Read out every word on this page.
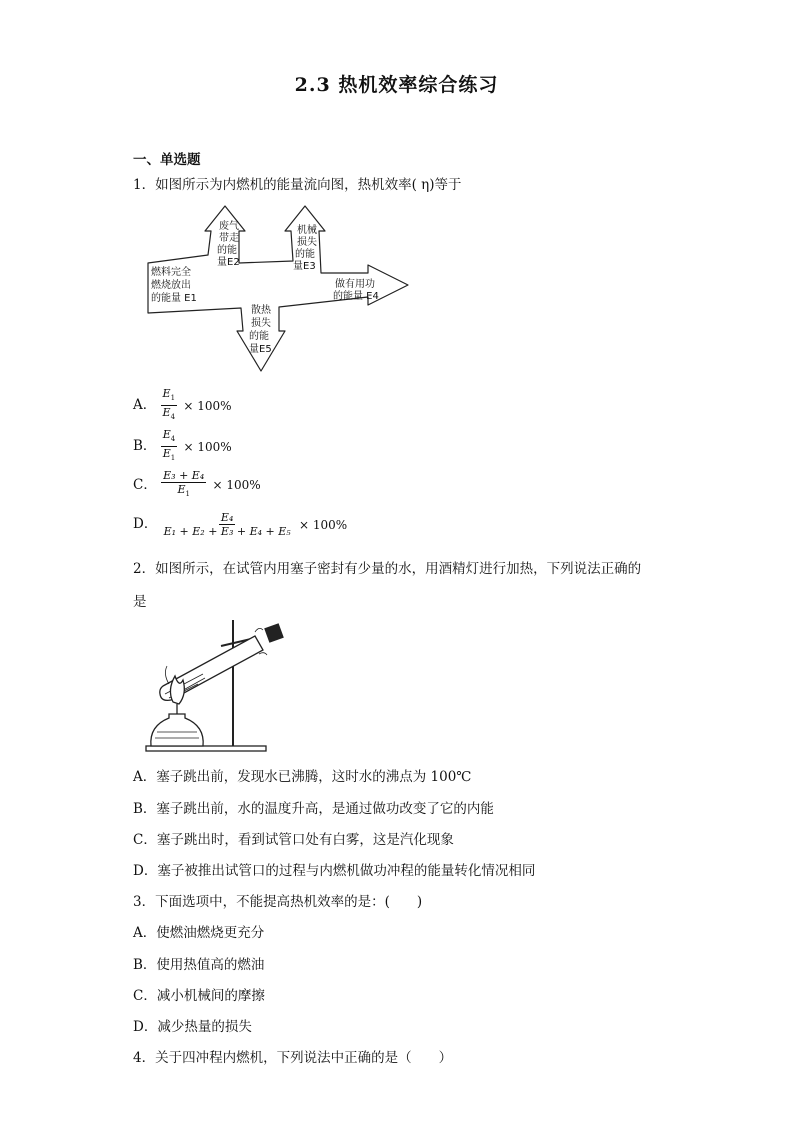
2.3 热机效率综合练习
一、单选题
1．如图所示为内燃机的能量流向图，热机效率( η)等于
燃料完全
燃烧放出
的能量 E1
废气
带走
的能
量E2
机械
损失
的能
量E3
做有用功
的能量 E4
散热
损失
的能
量E5
A． $\frac{E_1}{E_4} \times 100\%$
B． $\frac{E_4}{E_1} \times 100\%$
C． $\frac{\text{E₃ + E₄}}{E_1} \times 100\%$
D． $\frac{\text{E₄}}{\text{E₁ + E₂ + E₃ + E₄ + E₅}} \times 100\%$
2．如图所示，在试管内用塞子密封有少量的水，用酒精灯进行加热，下列说法正确的
是
A．塞子跳出前，发现水已沸腾，这时水的沸点为 100℃
B．塞子跳出前，水的温度升高，是通过做功改变了它的内能
C．塞子跳出时，看到试管口处有白雾，这是汽化现象
D．塞子被推出试管口的过程与内燃机做功冲程的能量转化情况相同
3．下面选项中，不能提高热机效率的是：(　　)
A．使燃油燃烧更充分
B．使用热值高的燃油
C．减小机械间的摩擦
D．减少热量的损失
4．关于四冲程内燃机，下列说法中正确的是（　　）
